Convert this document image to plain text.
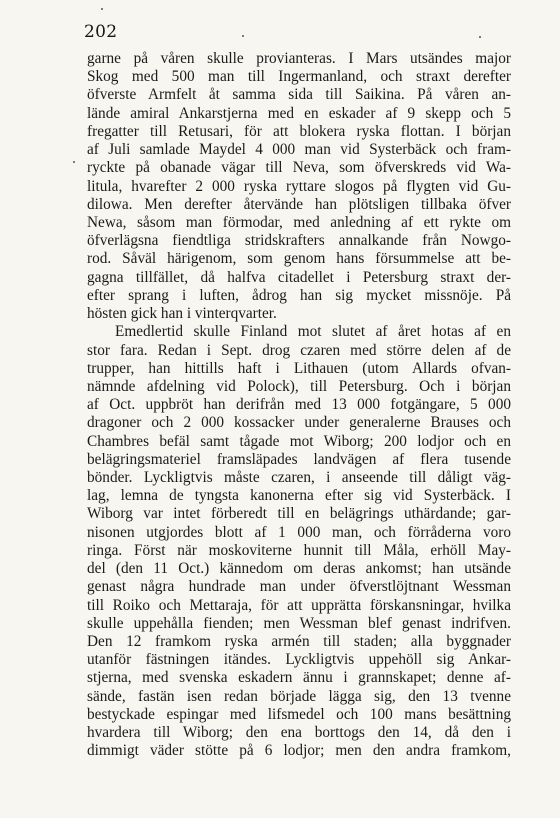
202
garne på våren skulle provianteras. I Mars utsändes major
Skog med 500 man till Ingermanland, och straxt derefter
öfverste Armfelt åt samma sida till Saikina. På våren an-
lände amiral Ankarstjerna med en eskader af 9 skepp och 5
fregatter till Retusari, för att blokera ryska flottan. I början
af Juli samlade Maydel 4 000 man vid Systerbäck och fram-
ryckte på obanade vägar till Neva, som öfverskreds vid Wa-
litula, hvarefter 2 000 ryska ryttare slogos på flygten vid Gu-
dilowa. Men derefter återvände han plötsligen tillbaka öfver
Newa, såsom man förmodar, med anledning af ett rykte om
öfverlägsna fiendtliga stridskrafters annalkande från Nowgo-
rod. Såväl härigenom, som genom hans försummelse att be-
gagna tillfället, då halfva citadellet i Petersburg straxt der-
efter sprang i luften, ådrog han sig mycket missnöje. På
hösten gick han i vinterqvarter.
Emedlertid skulle Finland mot slutet af året hotas af en
stor fara. Redan i Sept. drog czaren med större delen af de
trupper, han hittills haft i Lithauen (utom Allards ofvan-
nämnde afdelning vid Polock), till Petersburg. Och i början
af Oct. uppbröt han derifrån med 13 000 fotgängare, 5 000
dragoner och 2 000 kossacker under generalerne Brauses och
Chambres befäl samt tågade mot Wiborg; 200 lodjor och en
belägringsmateriel framsläpades landvägen af flera tusende
bönder. Lyckligtvis måste czaren, i anseende till dåligt väg-
lag, lemna de tyngsta kanonerna efter sig vid Systerbäck. I
Wiborg var intet förberedt till en belägrings uthärdande; gar-
nisonen utgjordes blott af 1 000 man, och förråderna voro
ringa. Först när moskoviterne hunnit till Måla, erhöll May-
del (den 11 Oct.) kännedom om deras ankomst; han utsände
genast några hundrade man under öfverstlöjtnant Wessman
till Roiko och Mettaraja, för att upprätta förskansningar, hvilka
skulle uppehålla fienden; men Wessman blef genast indrifven.
Den 12 framkom ryska armén till staden; alla byggnader
utanför fästningen itändes. Lyckligtvis uppehöll sig Ankar-
stjerna, med svenska eskadern ännu i grannskapet; denne af-
sände, fastän isen redan började lägga sig, den 13 tvenne
bestyckade espingar med lifsmedel och 100 mans besättning
hvardera till Wiborg; den ena borttogs den 14, då den i
dimmigt väder stötte på 6 lodjor; men den andra framkom,
